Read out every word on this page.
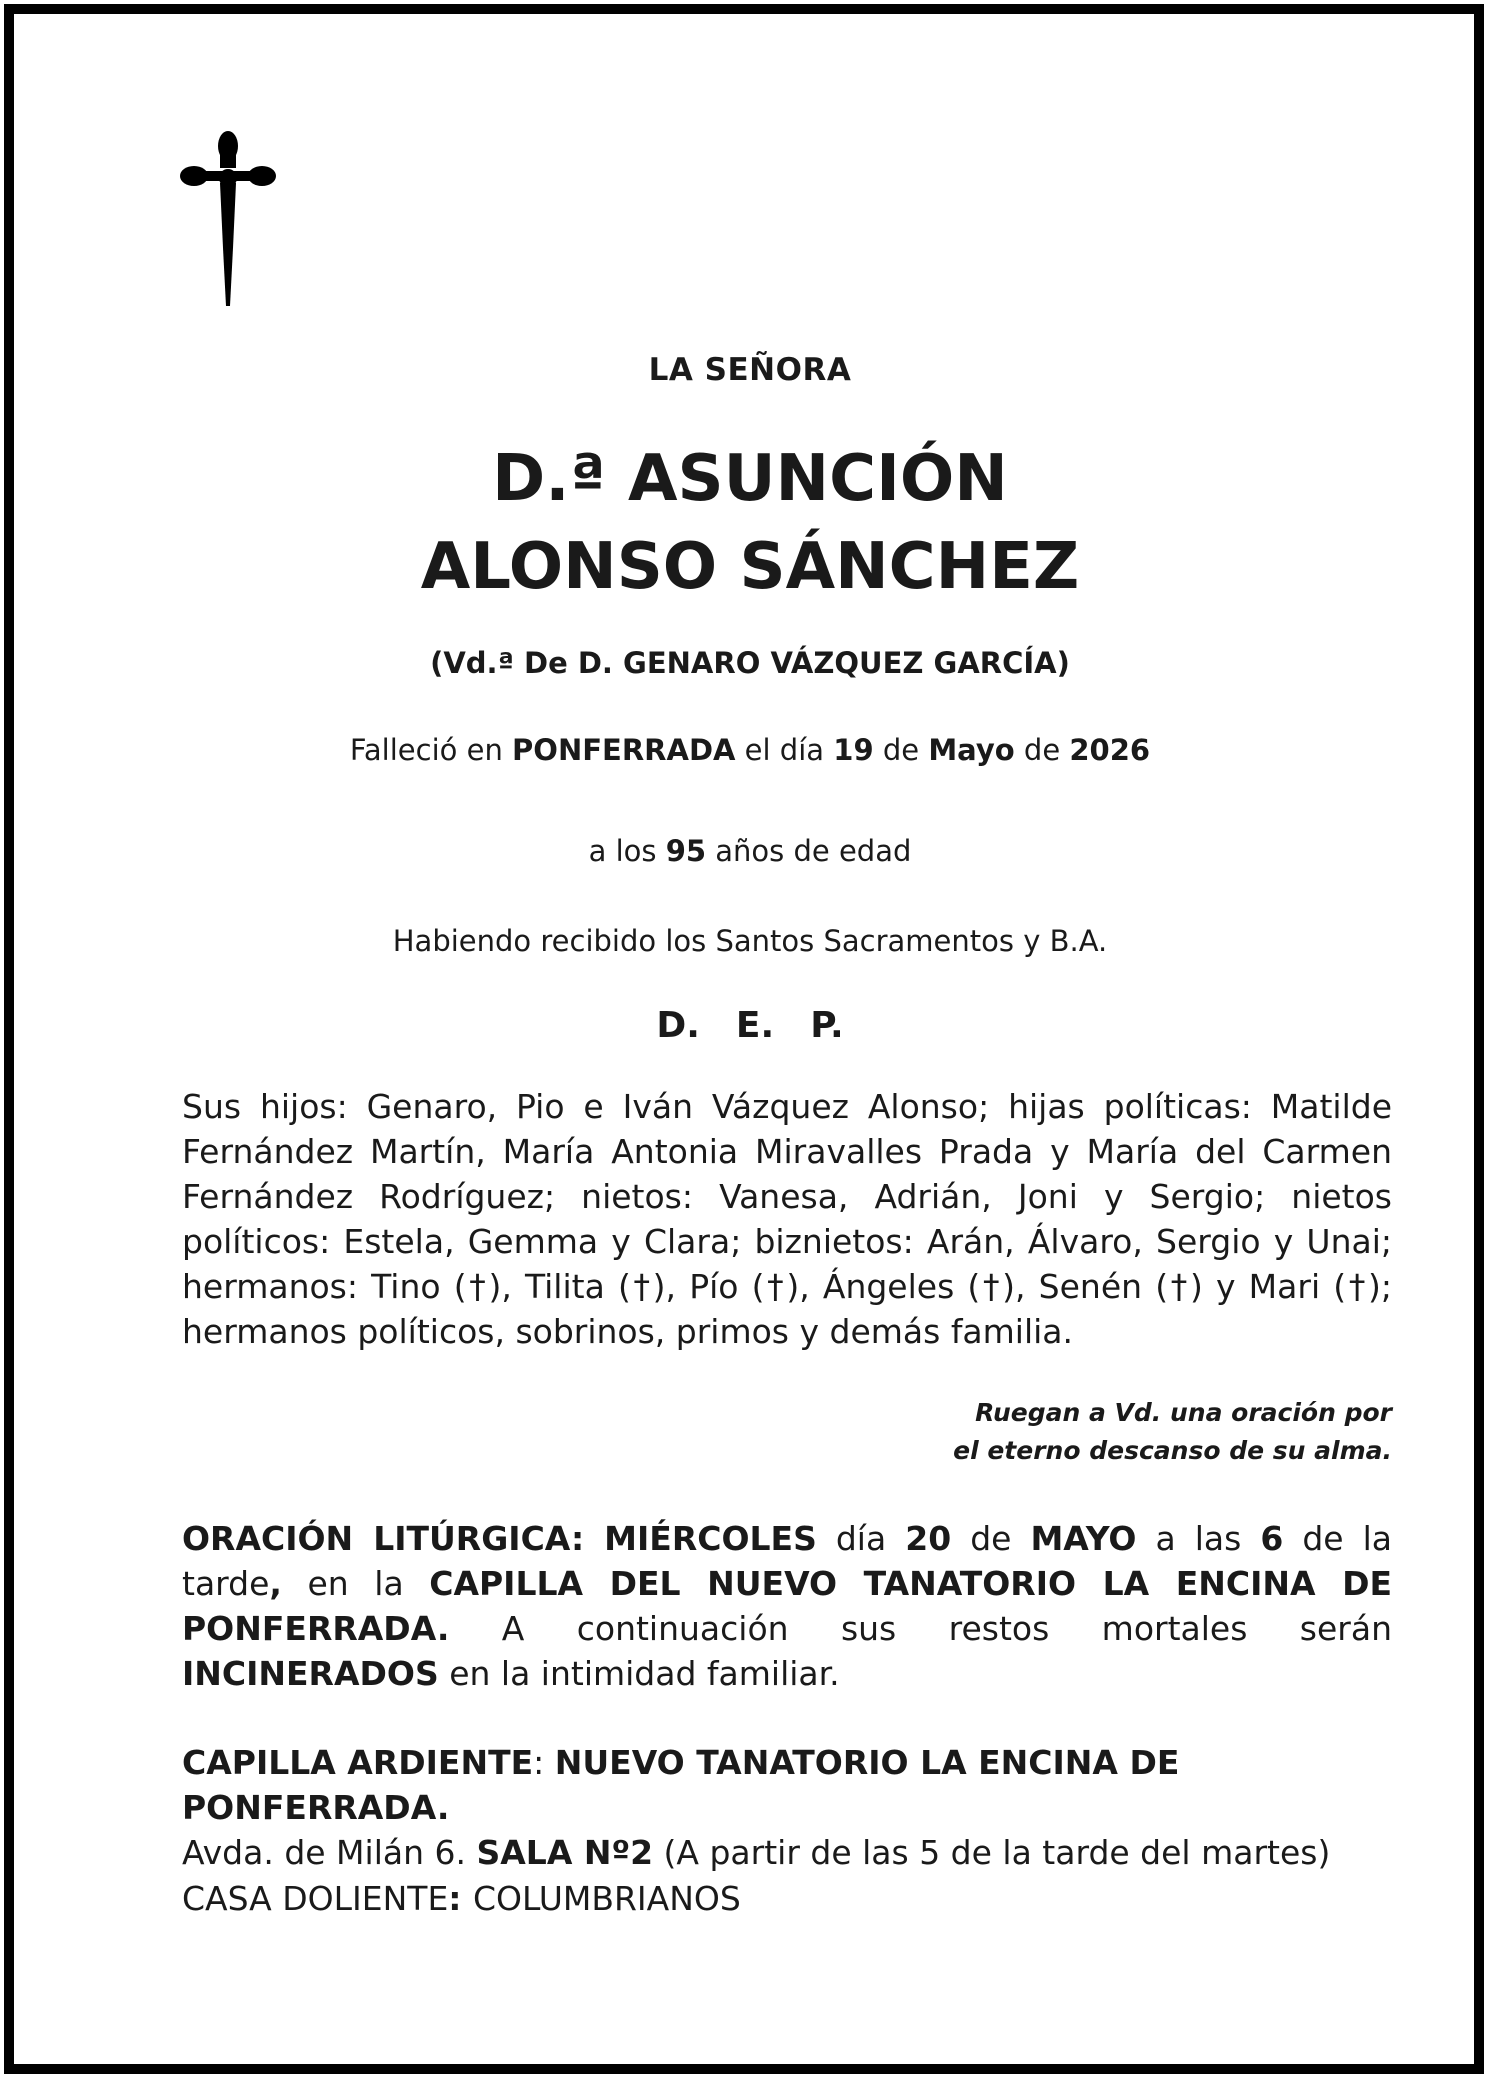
LA SEÑORA
D.ª ASUNCIÓN
ALONSO SÁNCHEZ
(Vd.ª De D. GENARO VÁZQUEZ GARCÍA)
Falleció en PONFERRADA el día 19 de Mayo de 2026
a los 95 años de edad
Habiendo recibido los Santos Sacramentos y B.A.
D. E. P.
Sus hijos: Genaro, Pio e Iván Vázquez Alonso; hijas políticas: Matilde Fernández Martín, María Antonia Miravalles Prada y María del Carmen Fernández Rodríguez; nietos: Vanesa, Adrián, Joni y Sergio; nietos políticos: Estela, Gemma y Clara; biznietos: Arán, Álvaro, Sergio y Unai; hermanos: Tino (†), Tilita (†), Pío (†), Ángeles (†), Senén (†) y Mari (†); hermanos políticos, sobrinos, primos y demás familia.
Ruegan a Vd. una oración por
el eterno descanso de su alma.
ORACIÓN LITÚRGICA: MIÉRCOLES día 20 de MAYO a las 6 de la tarde, en la CAPILLA DEL NUEVO TANATORIO LA ENCINA DE PONFERRADA. A continuación sus restos mortales serán INCINERADOS en la intimidad familiar.
CAPILLA ARDIENTE: NUEVO TANATORIO LA ENCINA DE PONFERRADA.
Avda. de Milán 6. SALA Nº2 (A partir de las 5 de la tarde del martes)
CASA DOLIENTE: COLUMBRIANOS
